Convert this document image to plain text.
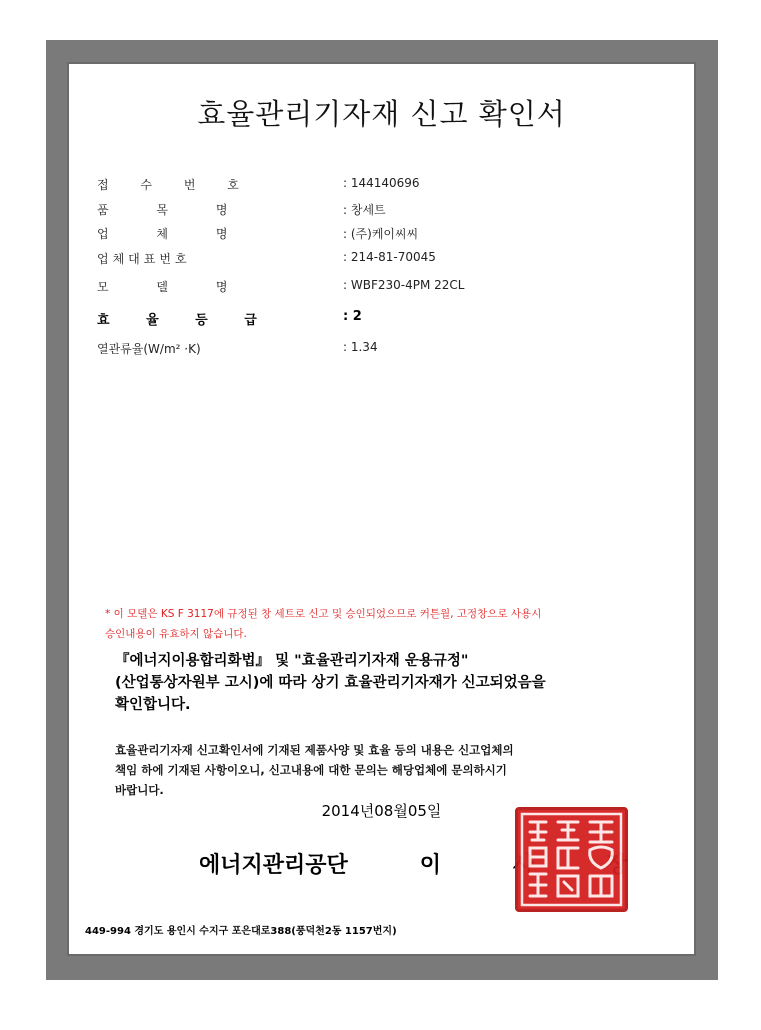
효율관리기자재 신고 확인서
접 수 번 호	: 144140696
품 목 명	: 창세트
업 체 명	: (주)케이씨씨
업체대표번호	: 214-81-70045
모 델 명	: WBF230-4PM 22CL
효 율 등 급	: 2
열관류율(W/m² ·K)	: 1.34
* 이 모델은 KS F 3117에 규정된 창 세트로 신고 및 승인되었으므로 커튼월, 고정창으로 사용시
승인내용이 유효하지 않습니다.
『에너지이용합리화법』 및 "효율관리기자재 운용규정"
(산업통상자원부 고시)에 따라 상기 효율관리기자재가 신고되었음을
확인합니다.
효율관리기자재 신고확인서에 기재된 제품사양 및 효율 등의 내용은 신고업체의
책임 하에 기재된 사항이오니, 신고내용에 대한 문의는 해당업체에 문의하시기
바랍니다.
2014년08월05일
에너지관리공단	이
449-994 경기도 용인시 수지구 포은대로388(풍덕천2동 1157번지)
